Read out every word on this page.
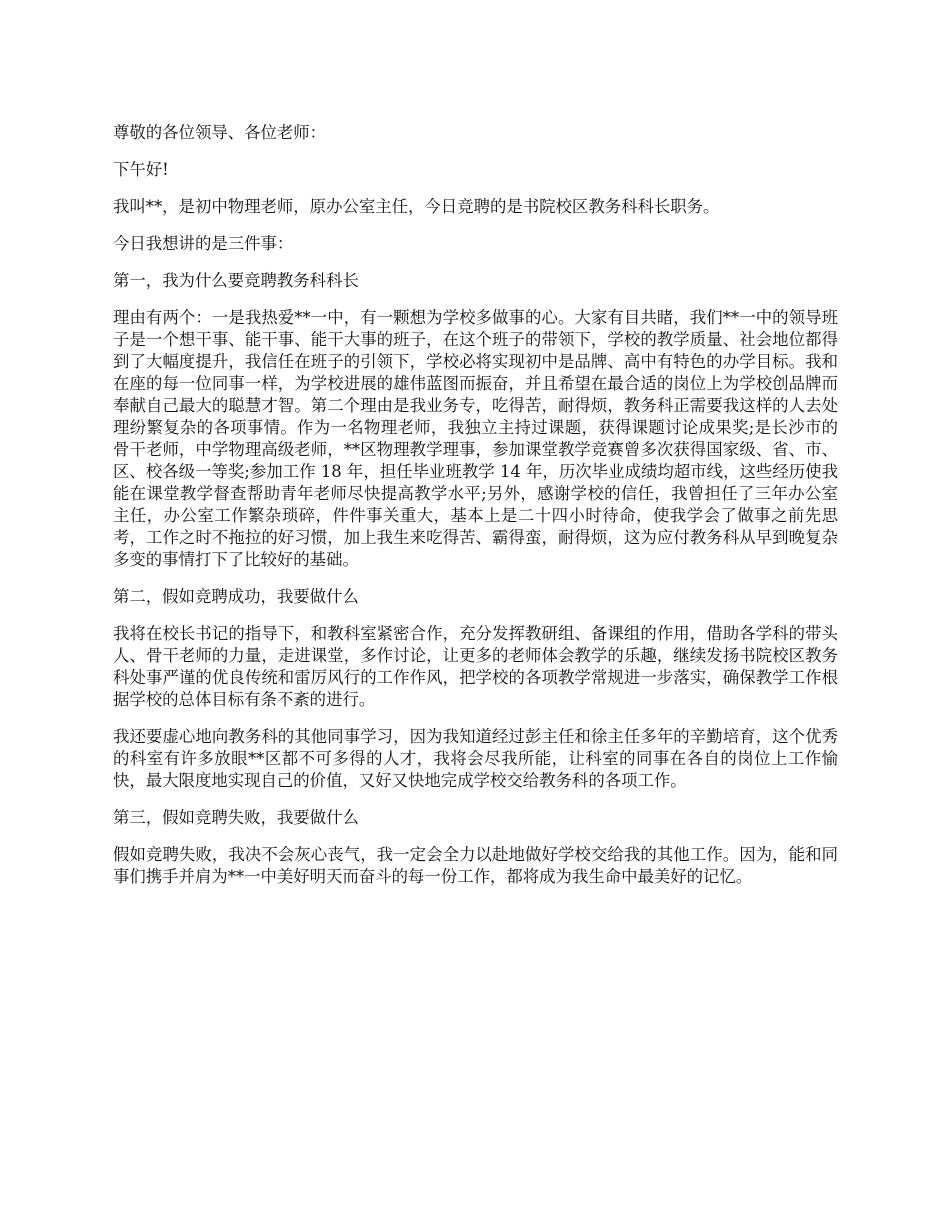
尊敬的各位领导、各位老师：

下午好!

我叫**，是初中物理老师，原办公室主任，今日竞聘的是书院校区教务科科长职务。

今日我想讲的是三件事：

第一，我为什么要竞聘教务科科长

理由有两个：一是我热爱**一中，有一颗想为学校多做事的心。大家有目共睹，我们**一中的领导班子是一个想干事、能干事、能干大事的班子，在这个班子的带领下，学校的教学质量、社会地位都得到了大幅度提升，我信任在班子的引领下，学校必将实现初中是品牌、高中有特色的办学目标。我和在座的每一位同事一样，为学校进展的雄伟蓝图而振奋，并且希望在最合适的岗位上为学校创品牌而奉献自己最大的聪慧才智。第二个理由是我业务专，吃得苦，耐得烦，教务科正需要我这样的人去处理纷繁复杂的各项事情。作为一名物理老师，我独立主持过课题，获得课题讨论成果奖;是长沙市的骨干老师，中学物理高级老师，**区物理教学理事，参加课堂教学竞赛曾多次获得国家级、省、市、区、校各级一等奖;参加工作 18 年，担任毕业班教学 14 年，历次毕业成绩均超市线，这些经历使我能在课堂教学督查帮助青年老师尽快提高教学水平;另外，感谢学校的信任，我曾担任了三年办公室主任，办公室工作繁杂琐碎，件件事关重大，基本上是二十四小时待命，使我学会了做事之前先思考，工作之时不拖拉的好习惯，加上我生来吃得苦、霸得蛮，耐得烦，这为应付教务科从早到晚复杂多变的事情打下了比较好的基础。

第二，假如竞聘成功，我要做什么

我将在校长书记的指导下，和教科室紧密合作，充分发挥教研组、备课组的作用，借助各学科的带头人、骨干老师的力量，走进课堂，多作讨论，让更多的老师体会教学的乐趣，继续发扬书院校区教务科处事严谨的优良传统和雷厉风行的工作作风，把学校的各项教学常规进一步落实，确保教学工作根据学校的总体目标有条不紊的进行。

我还要虚心地向教务科的其他同事学习，因为我知道经过彭主任和徐主任多年的辛勤培育，这个优秀的科室有许多放眼**区都不可多得的人才，我将会尽我所能，让科室的同事在各自的岗位上工作愉快，最大限度地实现自己的价值，又好又快地完成学校交给教务科的各项工作。

第三，假如竞聘失败，我要做什么

假如竞聘失败，我决不会灰心丧气，我一定会全力以赴地做好学校交给我的其他工作。因为，能和同事们携手并肩为**一中美好明天而奋斗的每一份工作，都将成为我生命中最美好的记忆。
